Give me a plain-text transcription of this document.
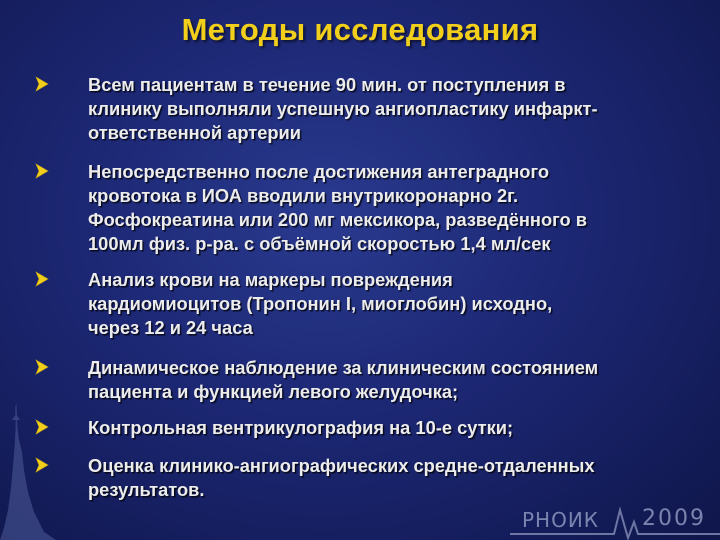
Методы исследования
Всем пациентам в течение 90 мин. от поступления в
клинику выполняли успешную ангиопластику инфаркт-
ответственной артерии
Непосредственно после достижения антеградного
кровотока в ИОА вводили внутрикоронарно 2г.
Фосфокреатина или 200 мг мексикора, разведённого в
100мл физ. р-ра. с объёмной скоростью 1,4 мл/сек
Анализ крови на маркеры повреждения
кардиомиоцитов (Тропонин I, миоглобин) исходно,
через 12 и 24 часа
Динамическое наблюдение за клиническим состоянием
пациента и функцией левого желудочка;
Контрольная вентрикулография на 10-е сутки;
Оценка клинико-ангиографических средне-отдаленных
результатов.
РНОИК 2009
